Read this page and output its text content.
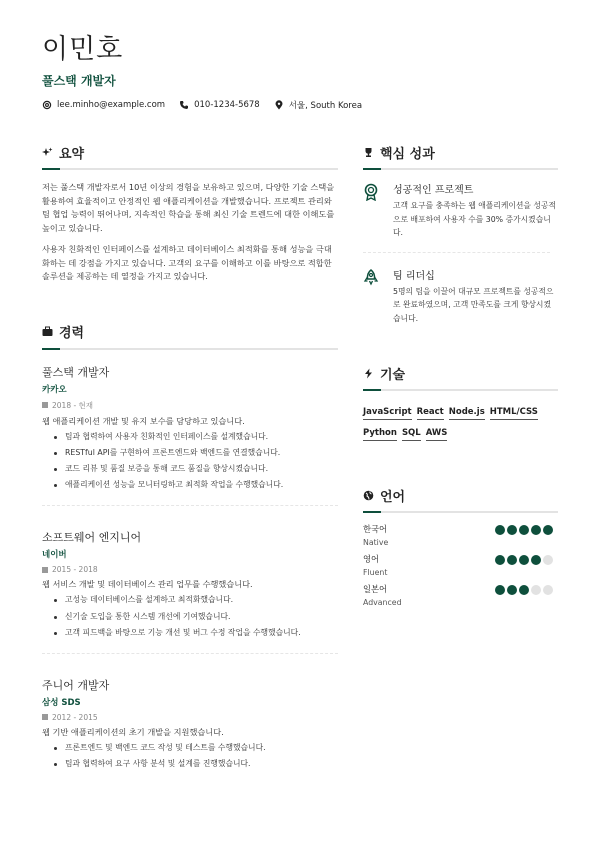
이민호
풀스택 개발자
lee.minho@example.com	010-1234-5678	서울, South Korea
요약

저는 풀스택 개발자로서 10년 이상의 경험을 보유하고 있으며, 다양한 기술 스택을 활용하여 효율적이고 안정적인 웹 애플리케이션을 개발했습니다. 프로젝트 관리와 팀 협업 능력이 뛰어나며, 지속적인 학습을 통해 최신 기술 트렌드에 대한 이해도를 높이고 있습니다.

사용자 친화적인 인터페이스를 설계하고 데이터베이스 최적화를 통해 성능을 극대화하는 데 강점을 가지고 있습니다. 고객의 요구를 이해하고 이를 바탕으로 적합한 솔루션을 제공하는 데 열정을 가지고 있습니다.

경력
풀스택 개발자
카카오
2018 - 현재
웹 애플리케이션 개발 및 유지 보수를 담당하고 있습니다.
팀과 협력하여 사용자 친화적인 인터페이스를 설계했습니다.
RESTful API를 구현하여 프론트엔드와 백엔드를 연결했습니다.
코드 리뷰 및 품질 보증을 통해 코드 품질을 향상시켰습니다.
애플리케이션 성능을 모니터링하고 최적화 작업을 수행했습니다.
소프트웨어 엔지니어
네이버
2015 - 2018
웹 서비스 개발 및 데이터베이스 관리 업무를 수행했습니다.
고성능 데이터베이스를 설계하고 최적화했습니다.
신기술 도입을 통한 시스템 개선에 기여했습니다.
고객 피드백을 바탕으로 기능 개선 및 버그 수정 작업을 수행했습니다.
주니어 개발자
삼성 SDS
2012 - 2015
웹 기반 애플리케이션의 초기 개발을 지원했습니다.
프론트엔드 및 백엔드 코드 작성 및 테스트를 수행했습니다.
팀과 협력하여 요구 사항 분석 및 설계를 진행했습니다.
핵심 성과
성공적인 프로젝트
고객 요구를 충족하는 웹 애플리케이션을 성공적으로 배포하여 사용자 수를 30% 증가시켰습니다.
팀 리더십
5명의 팀을 이끌어 대규모 프로젝트를 성공적으로 완료하였으며, 고객 만족도를 크게 향상시켰습니다.
기술
JavaScript React Node.js HTML/CSS
Python SQL AWS
언어
한국어
Native
영어
Fluent
일본어
Advanced
